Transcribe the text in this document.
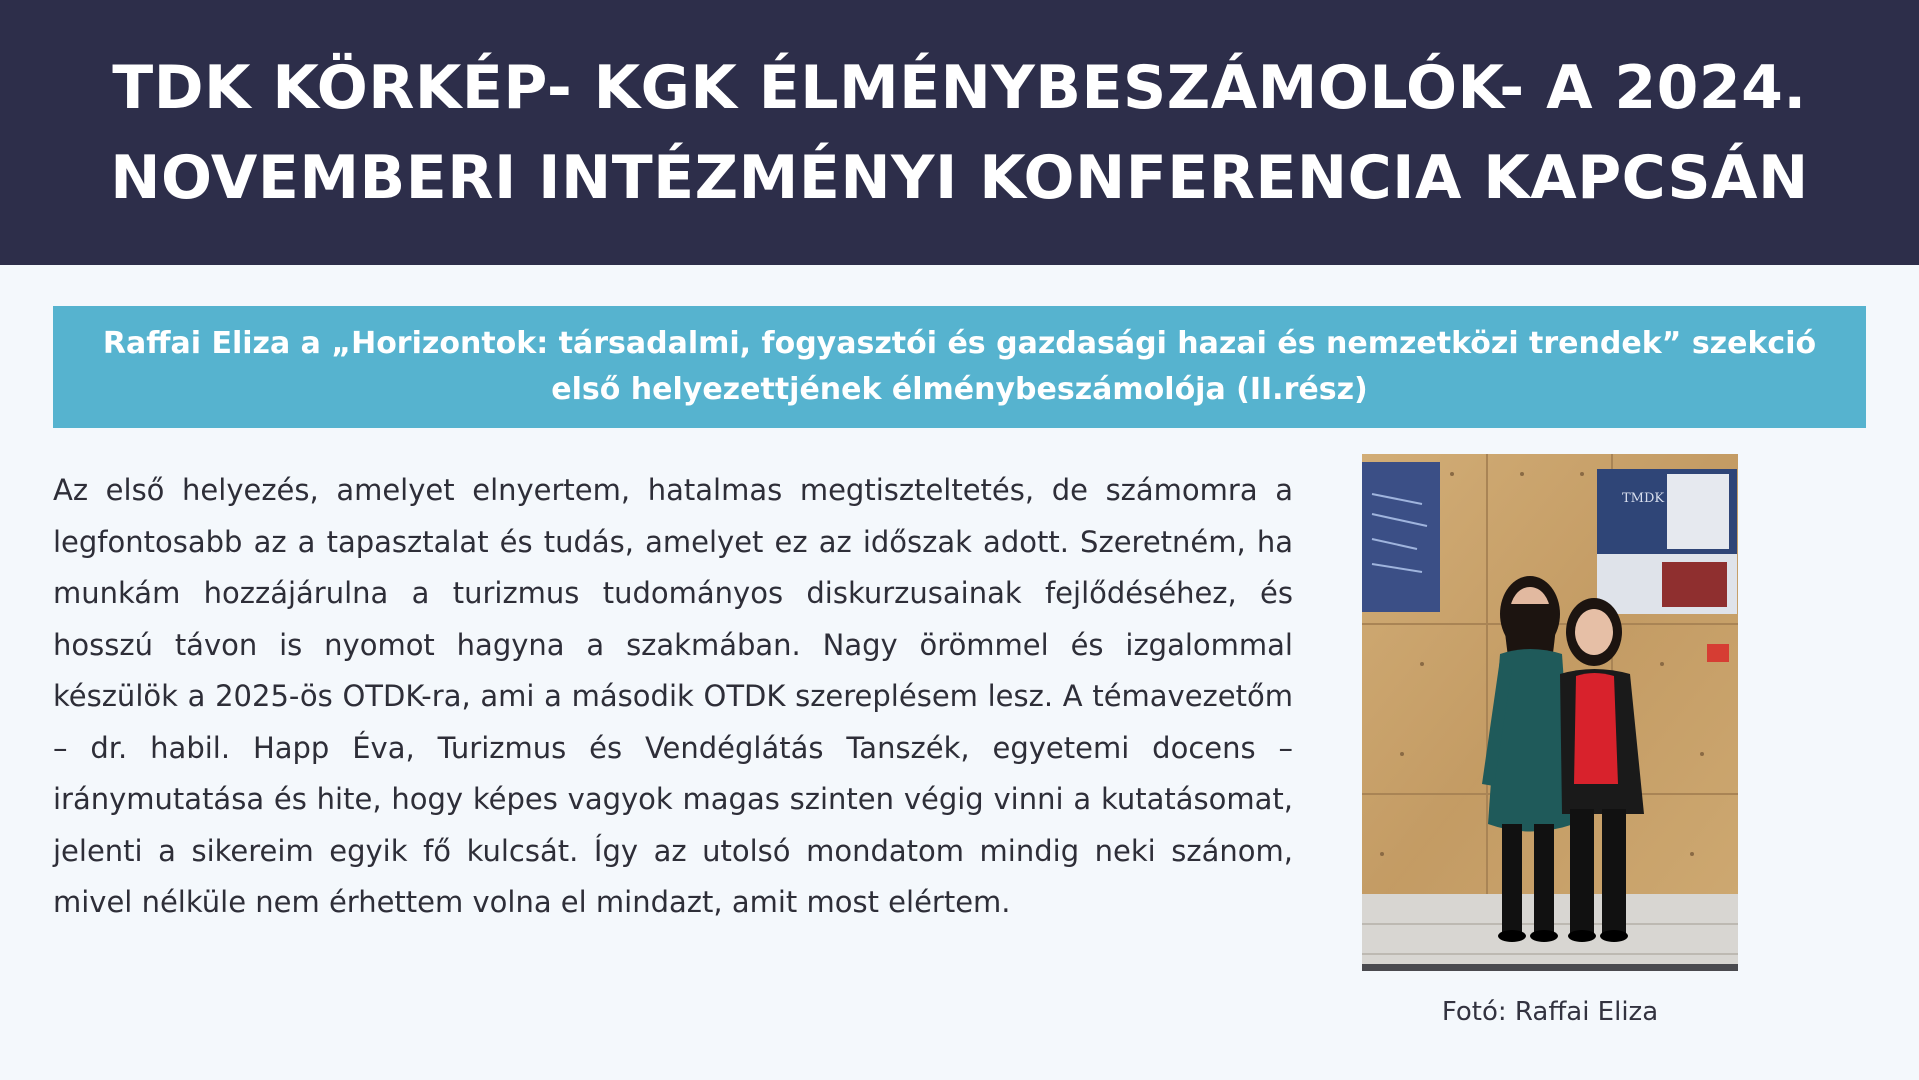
TDK KÖRKÉP- KGK ÉLMÉNYBESZÁMOLÓK- A 2024. NOVEMBERI INTÉZMÉNYI KONFERENCIA KAPCSÁN

Raffai Eliza a „Horizontok: társadalmi, fogyasztói és gazdasági hazai és nemzetközi trendek” szekció első helyezettjének élménybeszámolója (II.rész)

Az első helyezés, amelyet elnyertem, hatalmas megtiszteltetés, de számomra a legfontosabb az a tapasztalat és tudás, amelyet ez az időszak adott. Szeretném, ha munkám hozzájárulna a turizmus tudományos diskurzusainak fejlődéséhez, és hosszú távon is nyomot hagyna a szakmában. Nagy örömmel és izgalommal készülök a 2025-ös OTDK-ra, ami a második OTDK szereplésem lesz. A témavezetőm – dr. habil. Happ Éva, Turizmus és Vendéglátás Tanszék, egyetemi docens – iránymutatása és hite, hogy képes vagyok magas szinten végig vinni a kutatásomat, jelenti a sikereim egyik fő kulcsát. Így az utolsó mondatom mindig neki szánom, mivel nélküle nem érhettem volna el mindazt, amit most elértem.

TMDK
Fotó: Raffai Eliza
